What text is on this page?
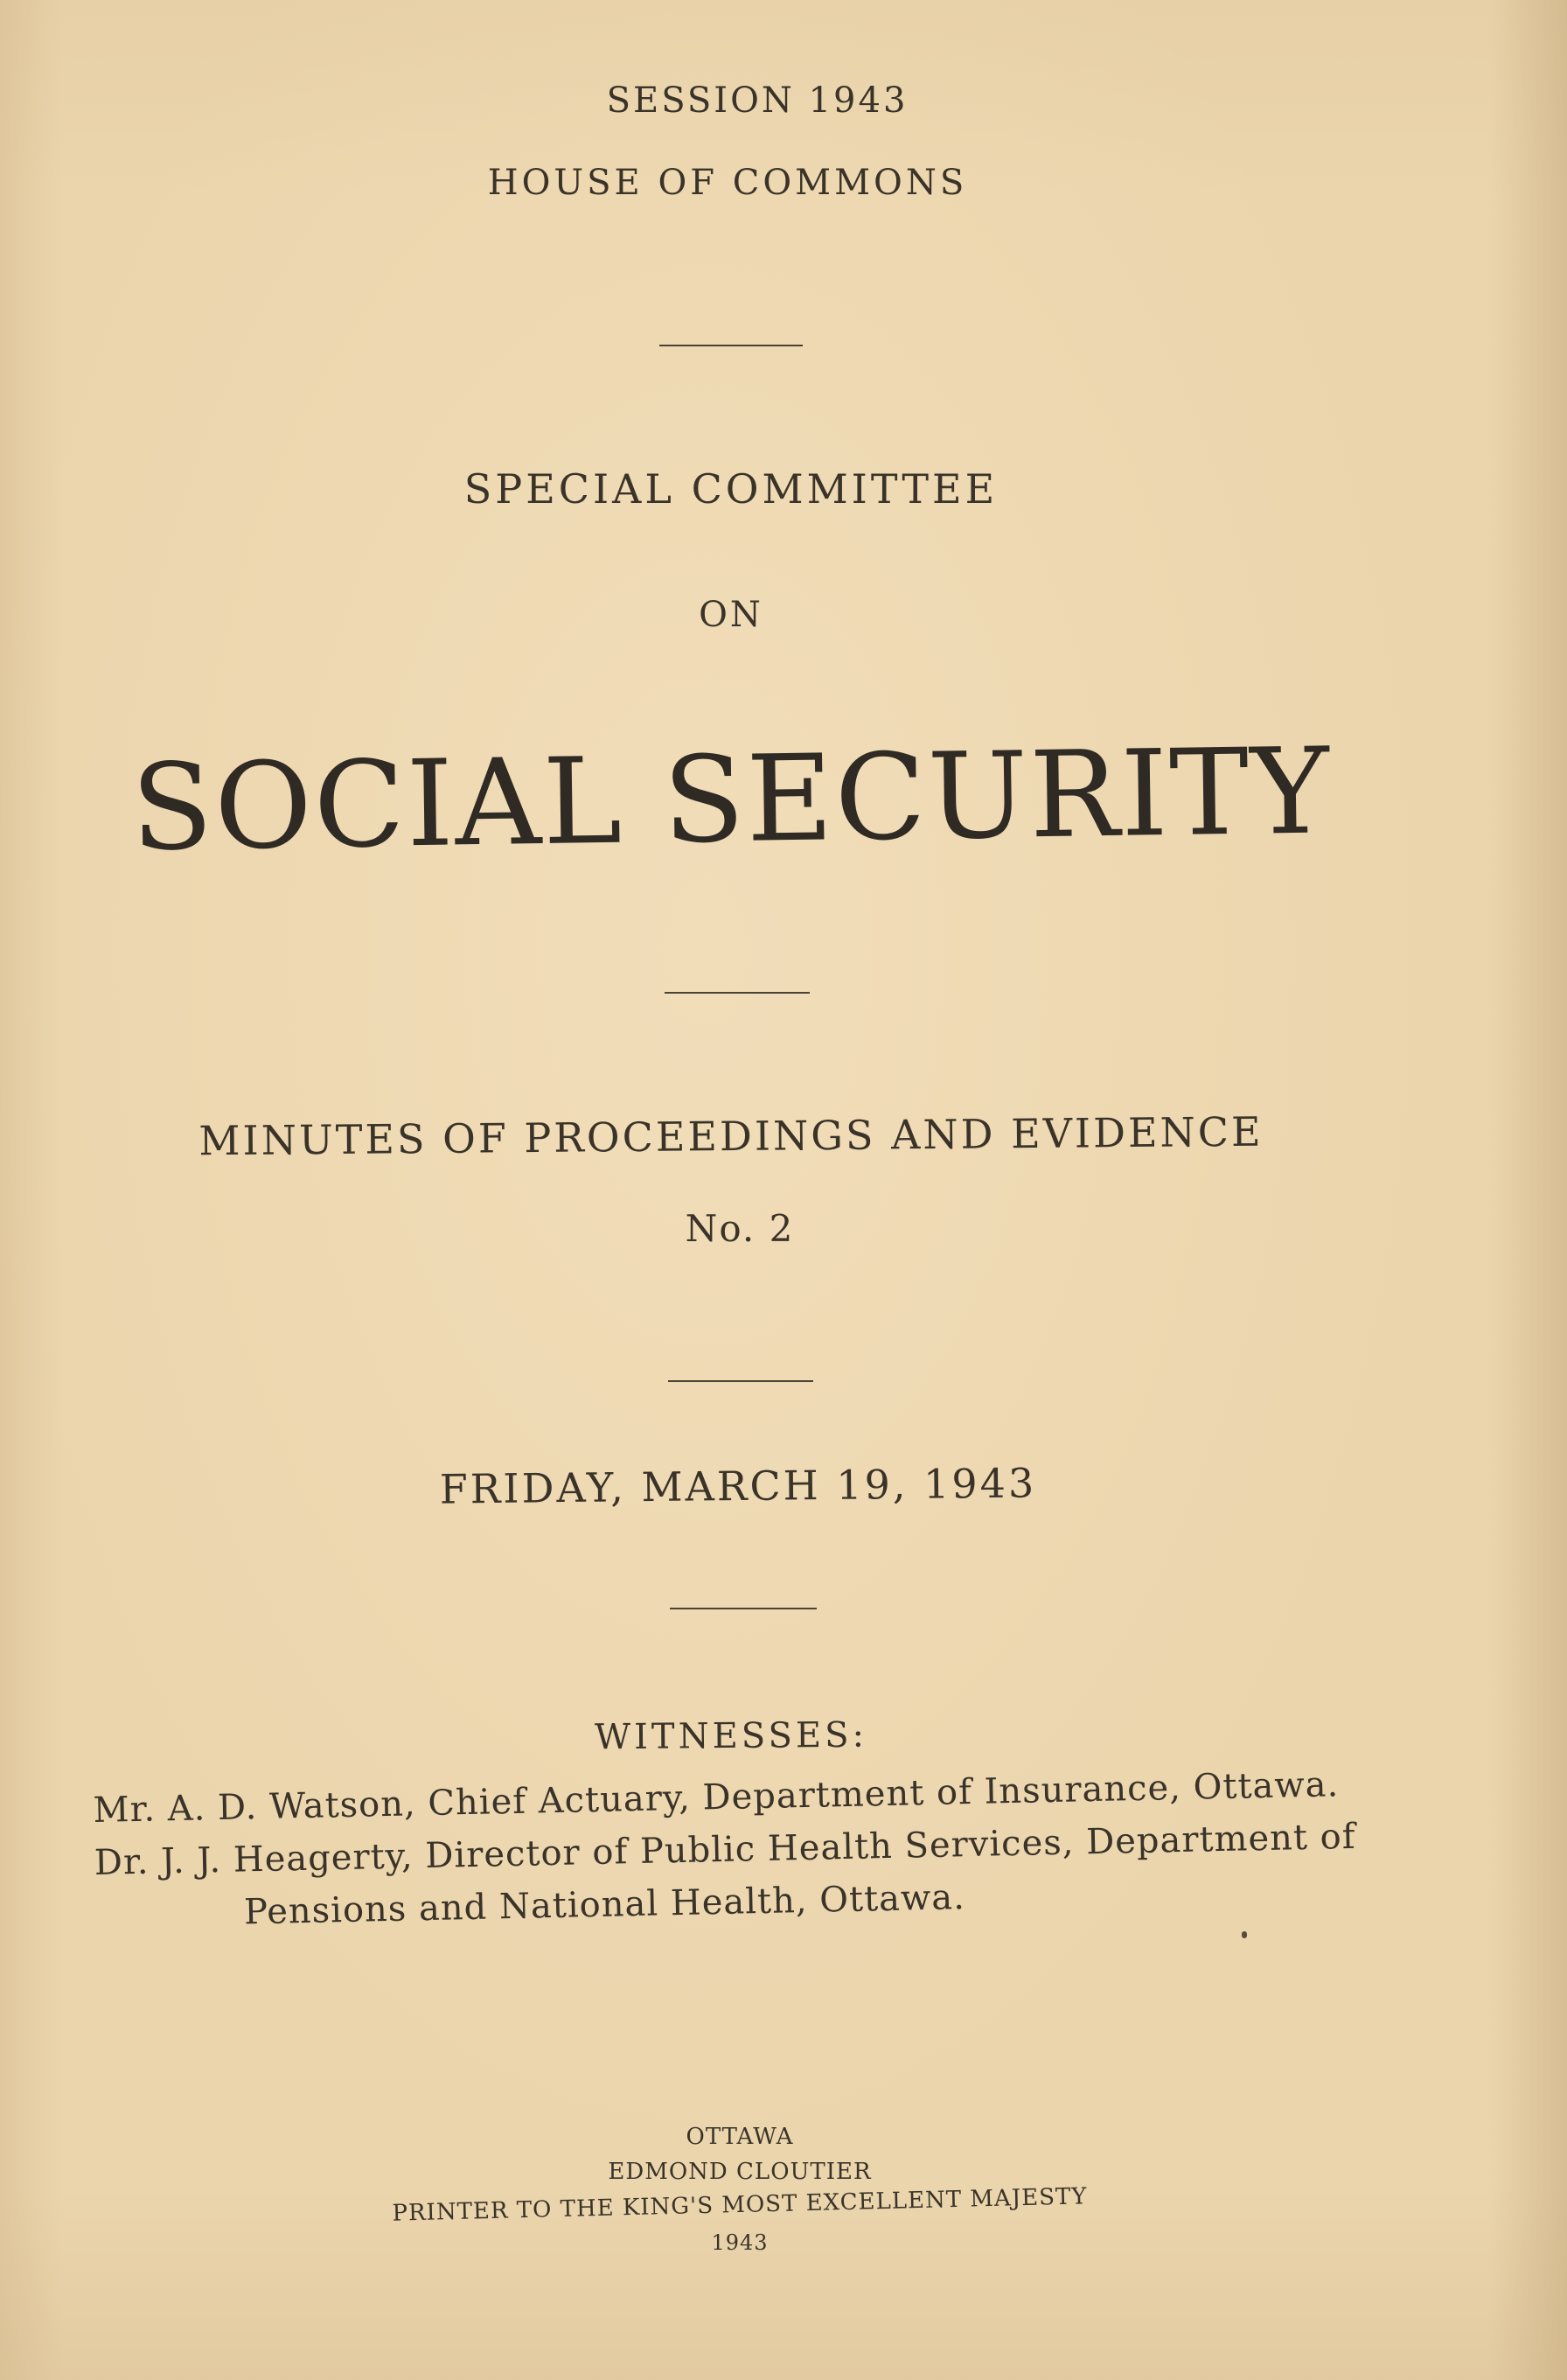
SESSION 1943
HOUSE OF COMMONS
SPECIAL COMMITTEE
ON
SOCIAL SECURITY
MINUTES OF PROCEEDINGS AND EVIDENCE
No. 2
FRIDAY, MARCH 19, 1943
WITNESSES:
Mr. A. D. Watson, Chief Actuary, Department of Insurance, Ottawa.
Dr. J. J. Heagerty, Director of Public Health Services, Department of
Pensions and National Health, Ottawa.
OTTAWA
EDMOND CLOUTIER
PRINTER TO THE KING'S MOST EXCELLENT MAJESTY
1943
